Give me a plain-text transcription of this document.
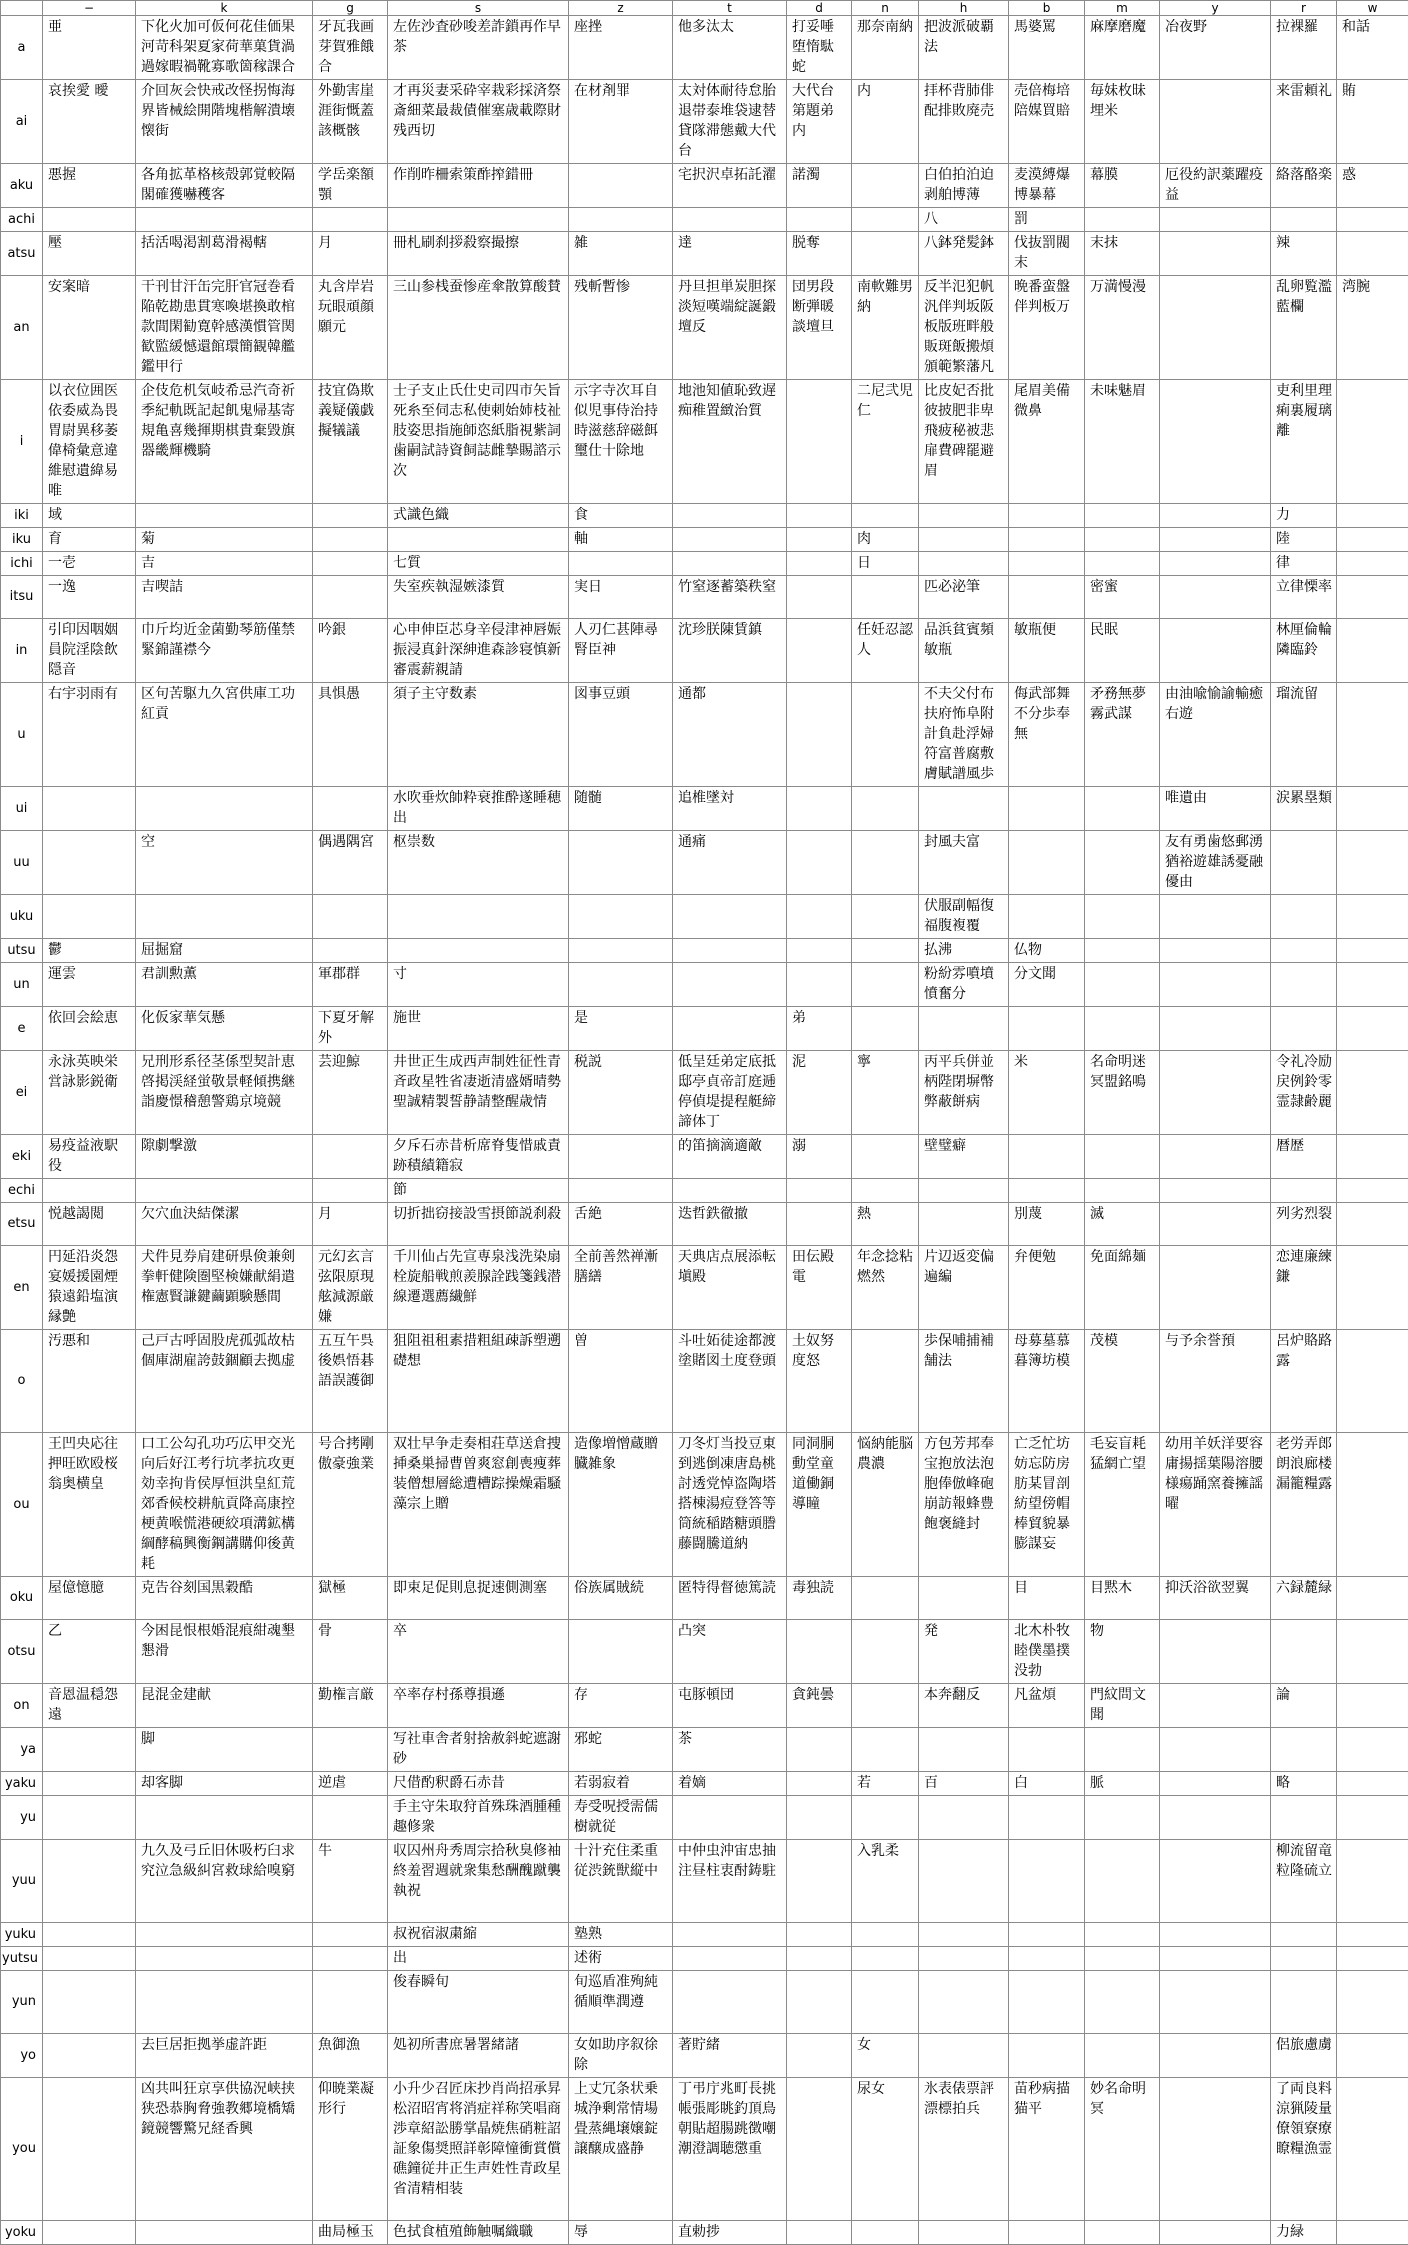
	−	k	g	s	z	t	d	n	h	b	m	y	r	w
a	亜	下化火加可仮何花佳価果河苛科架夏家荷華菓貨渦過嫁暇禍靴寡歌箇稼課合	牙瓦我画芽賀雅餓合	左佐沙査砂唆差詐鎖再作早茶	座挫	他多汰太	打妥唾堕惰駄蛇	那奈南納	把波派破覇法	馬婆罵	麻摩磨魔	冶夜野	拉裸羅	和話
ai	哀挨愛 曖	介回灰会快戒改怪拐悔海界皆械絵開階塊楷解潰壊懐街	外勤害崖涯街慨蓋該概骸	才再災妻采砕宰栽彩採済祭斎細菜最裁債催塞歳載際財残西切	在材剤罪	太対体耐待怠胎退帯泰堆袋逮替貸隊滞態戴大代台	大代台第題弟内	内	拝杯背肺俳配排敗廃売	売倍梅培陪媒買賠	毎妹枚昧埋米		来雷頼礼	賄
aku	悪握	各角拡革格核殻郭覚較隔閣確獲嚇穫客	学岳楽額顎	作削昨柵索策酢搾錯冊		宅択沢卓拓託濯	諾濁		白伯拍泊迫剥舶博薄	麦漠縛爆博暴幕	幕膜	厄役約訳薬躍疫益	絡落酪楽	惑
achi									八	罰				
atsu	壓	括活喝渇割葛滑褐轄	月	冊札刷刹拶殺察撮擦	雑	達	脱奪		八鉢発髪鉢	伐抜罰閥末	末抹		辣	
an	安案暗	干刊甘汗缶完肝官冠巻看陥乾勘患貫寒喚堪換敢棺款間閑勧寛幹感漢慣管関歓監緩憾還館環簡観韓艦鑑甲行	丸含岸岩玩眼頑顔願元	三山参桟蚕惨産傘散算酸賛	残斬暫惨	丹旦担単炭胆探淡短嘆端綻誕鍛壇反	団男段断弾暖談壇旦	南軟難男納	反半氾犯帆汎伴判坂阪板版班畔般販斑飯搬煩頒範繁藩凡	晩番蛮盤伴判板万	万満慢漫		乱卵覧濫藍欄	湾腕
i	以衣位囲医依委威為畏胃尉異移萎偉椅彙意違維慰遺緯易唯	企伎危机気岐希忌汽奇祈季紀軌既記起飢鬼帰基寄規亀喜幾揮期棋貴棄毀旗器畿輝機騎	技宜偽欺義疑儀戯擬犠議	士子支止氏仕史司四市矢旨死糸至伺志私使刺始姉枝祉肢姿思指施師恣紙脂視紫詞歯嗣試詩資飼誌雌摯賜諮示次	示字寺次耳自似児事侍治持時滋慈辞磁餌璽仕十除地	地池知値恥致遅痴稚置緻治質		二尼弐児仁	比皮妃否批彼披肥非卑飛疲秘被悲扉費碑罷避眉	尾眉美備微鼻	未味魅眉		吏利里理痢裏履璃離	
iki	域			式識色織	食								力	
iku	育	菊			軸			肉					陸	
ichi	一壱	吉		七質				日					律	
itsu	一逸	吉喫詰		失室疾執湿嫉漆質	実日	竹窒逐蓄築秩窒			匹必泌筆		密蜜		立律慄率	
in	引印因咽姻員院淫陰飲隠音	巾斤均近金菌勤琴筋僅禁緊錦謹襟今	吟銀	心申伸臣芯身辛侵津神唇娠振浸真針深紳進森診寝慎新審震薪親請	人刃仁甚陣尋腎臣神	沈珍朕陳賃鎮		任妊忍認人	品浜貧賓頻敏瓶	敏瓶便	民眠		林厘倫輪隣臨鈴	
u	右宇羽雨有	区句苦駆九久宮供庫工功紅貢	具惧愚	須子主守数素	図事豆頭	通都			不夫父付布扶府怖阜附計負赴浮婦符富普腐敷膚賦譜風歩	侮武部舞不分歩奉無	矛務無夢霧武謀	由油喩愉諭輸癒右遊	瑠流留	
ui				水吹垂炊帥粋衰推酔遂睡穂出	随髄	追椎墜対						唯遺由	涙累塁類	
uu		空	偶遇隅宮	枢崇数		通痛			封風夫富			友有勇歯悠郵湧猶裕遊雄誘憂融優由		
uku									伏服副幅復福腹複覆					
utsu	鬱	屈掘窟							払沸	仏物				
un	運雲	君訓勲薫	軍郡群	寸					粉紛雰噴墳憤奮分	分文聞				
e	依回会絵恵	化仮家華気懸	下夏牙解外	施世	是		弟							
ei	永泳英映栄営詠影鋭衛	兄刑形系径茎係型契計恵啓掲渓経蛍敬景軽傾携継詣慶憬稽憩警鶏京境競	芸迎鯨	井世正生成西声制姓征性青斉政星牲省凄逝清盛婿晴勢聖誠精製誓静請整醒歳情	税説	低呈廷弟定底抵邸亭貞帝訂庭逓停偵堤提程艇締諦体丁	泥	寧	丙平兵併並柄陛閉塀幣弊蔽餅病	米	名命明迷冥盟銘鳴		令礼冷励戻例鈴零霊隷齢麗	
eki	易疫益液駅役	隙劇撃激		夕斥石赤昔析席脊隻惜戚責跡積績籍寂		的笛摘滴適敵	溺		壁璧癖				暦歴	
echi				節										
etsu	悦越謁閲	欠穴血決結傑潔	月	切折拙窃接設雪摂節説刹殺	舌絶	迭哲鉄徹撤		熱		別蔑	滅		列劣烈裂	
en	円延沿炎怨宴媛援園煙猿遠鉛塩演縁艶	犬件見券肩建研県倹兼剣拳軒健険圏堅検嫌献絹遣権憲賢謙鍵繭顕験懸間	元幻玄言弦限原現舷減源厳嫌	千川仙占先宣専泉浅洗染扇栓旋船戦煎羨腺詮践箋銭潜線遷選薦繊鮮	全前善然禅漸膳繕	天典店点展添転塡殿	田伝殿電	年念捻粘燃然	片辺返変偏遍編	弁便勉	免面綿麺		恋連廉練鎌	
o	汚悪和	己戸古呼固股虎孤弧故枯個庫湖雇誇鼓錮顧去拠虚	五互午呉後娯悟碁語誤護御	狙阻祖租素措粗組疎訴塑遡礎想	曽	斗吐妬徒途都渡塗賭図土度登頭	土奴努度怒		歩保哺捕補舗法	母募墓慕暮簿坊模	茂模	与予余誉預	呂炉賂路露	
ou	王凹央応往押旺欧殴桜翁奥横皇	口工公勾孔功巧広甲交光向后好江考行坑孝抗攻更効幸拘肯侯厚恒洪皇紅荒郊香候校耕航貢降高康控梗黄喉慌港硬絞項溝鉱構綱酵稿興衡鋼講購仰後黄耗	号合拷剛傲豪強業	双壮早争走奏相荘草送倉捜挿桑巣掃曹曽爽窓創喪痩葬装僧想層総遭槽踪操燥霜騒藻宗上贈	造像増憎蔵贈臓雑象	刀冬灯当投豆東到逃倒凍唐島桃討透党悼盗陶塔搭棟湯痘登答等筒統稲踏糖頭謄藤闘騰道納	同洞胴動堂童道働銅導瞳	悩納能脳農濃	方包芳邦奉宝抱放法泡胞俸倣峰砲崩訪報蜂豊飽褒縫封	亡乏忙坊妨忘防房肪某冒剖紡望傍帽棒貿貌暴膨謀妄	毛妄盲耗猛網亡望	幼用羊妖洋要容庸揚揺葉陽溶腰様瘍踊窯養擁謡曜	老労弄郎朗浪廊楼漏籠糧露	
oku	屋億憶臆	克告谷刻国黒穀酷	獄極	即束足促則息捉速側測塞	俗族属賊続	匿特得督徳篤読	毒独読			目	目黙木	抑沃浴欲翌翼	六録麓緑	
otsu	乙	今困昆恨根婚混痕紺魂墾懇滑	骨	卒		凸突			発	北木朴牧睦僕墨撲没勃	物			
on	音恩温穏怨遠	昆混金建献	勤権言厳	卒率存村孫尊損遜	存	屯豚頓団	貪鈍曇		本奔翻反	凡盆煩	門紋問文聞		論	
ya		脚		写社車舎者射捨赦斜蛇遮謝砂	邪蛇	茶								
yaku		却客脚	逆虐	尺借酌釈爵石赤昔	若弱寂着	着嫡		若	百	白	脈		略	
yu				手主守朱取狩首殊珠酒腫種趣修衆	寿受呪授需儒樹就従									
yuu		九久及弓丘旧休吸朽臼求究泣急級糾宮救球給嗅窮	牛	収囚州舟秀周宗拾秋臭修袖終羞習週就衆集愁酬醜蹴襲執祝	十汁充住柔重従渋銃獣縦中	中仲虫沖宙忠抽注昼柱衷酎鋳駐		入乳柔					柳流留竜粒隆硫立	
yuku				叔祝宿淑粛縮	塾熟									
yutsu				出	述術									
yun				俊春瞬旬	旬巡盾准殉純循順準潤遵									
yo		去巨居拒拠挙虚許距	魚御漁	処初所書庶暑署緒諸	女如助序叙徐除	著貯緒		女					侶旅慮虜	
you		凶共叫狂京享供協況峡挟狭恐恭胸脅強教郷境橋矯鏡競響驚兄経香興	仰暁業凝形行	小升少召匠床抄肖尚招承昇松沼昭宵将消症祥称笑唱商渉章紹訟勝掌晶焼焦硝粧詔証象傷奨照詳彰障憧衝賞償礁鐘従井正生声姓性青政星省清精相装	上丈冗条状乗城浄剰常情場畳蒸縄壌嬢錠譲醸成盛静	丁弔庁兆町長挑帳張彫眺釣頂鳥朝貼超腸跳徴嘲潮澄調聴懲重		尿女	氷表俵票評漂標拍兵	苗秒病描猫平	妙名命明冥		了両良料涼猟陵量僚領寮療瞭糧漁霊	
yoku			曲局極玉	色拭食植殖飾触嘱織職	辱	直勅捗							力緑	
